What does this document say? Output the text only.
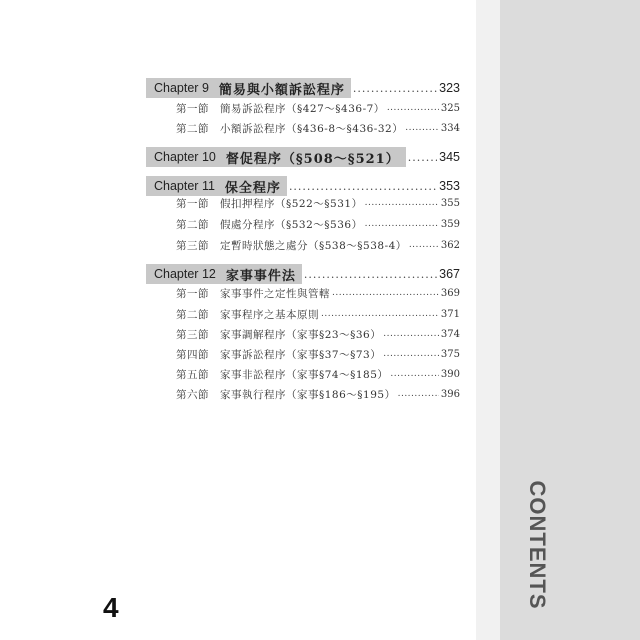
CONTENTS
Chapter 9 簡易與小額訴訟程序 .....	323
第一節	簡易訴訟程序（§427～§436-7） .....	325
第二節	小額訴訟程序（§436-8～§436-32） .....	334
Chapter 10 督促程序（§508～§521） .....	345
Chapter 11 保全程序 .....	353
第一節	假扣押程序（§522～§531） .....	355
第二節	假處分程序（§532～§536） .....	359
第三節	定暫時狀態之處分（§538～§538-4） .....	362
Chapter 12 家事事件法 .....	367
第一節	家事事件之定性與管轄 .....	369
第二節	家事程序之基本原則 .....	371
第三節	家事調解程序（家事§23～§36） .....	374
第四節	家事訴訟程序（家事§37～§73） .....	375
第五節	家事非訟程序（家事§74～§185） .....	390
第六節	家事執行程序（家事§186～§195） .....	396
4
